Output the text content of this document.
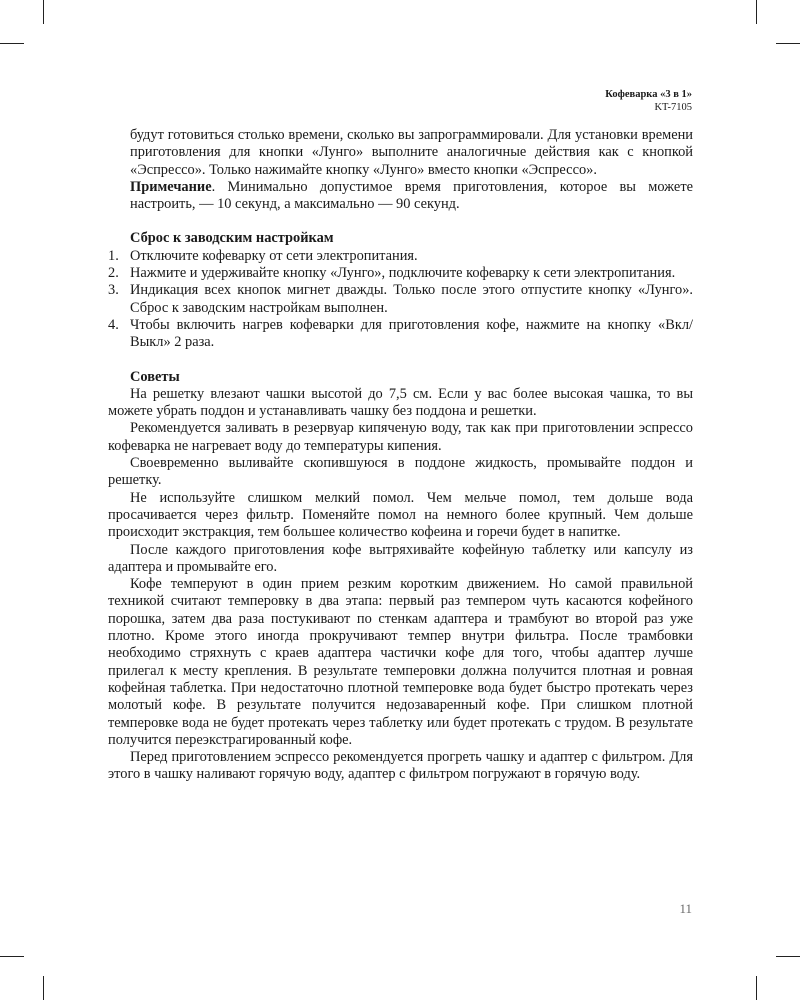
Кофеварка «3 в 1»
KT-7105

будут готовиться столько времени, сколько вы запрограммировали. Для установки времени приготовления для кнопки «Лунго» выполните аналогичные действия как с кнопкой «Эспрессо». Только нажимайте кнопку «Лунго» вместо кнопки «Эспрессо».

Примечание. Минимально допустимое время приготовления, которое вы можете настроить, — 10 секунд, а максимально — 90 секунд.

Сброс к заводским настройкам
1. Отключите кофеварку от сети электропитания.
2. Нажмите и удерживайте кнопку «Лунго», подключите кофеварку к сети электропитания.
3. Индикация всех кнопок мигнет дважды. Только после этого отпустите кнопку «Лунго». Сброс к заводским настройкам выполнен.
4. Чтобы включить нагрев кофеварки для приготовления кофе, нажмите на кнопку «Вкл/Выкл» 2 раза.
Советы

На решетку влезают чашки высотой до 7,5 см. Если у вас более высокая чашка, то вы можете убрать поддон и устанавливать чашку без поддона и решетки.

Рекомендуется заливать в резервуар кипяченую воду, так как при приготовлении эспрессо кофеварка не нагревает воду до температуры кипения.

Своевременно выливайте скопившуюся в поддоне жидкость, промывайте поддон и решетку.

Не используйте слишком мелкий помол. Чем мельче помол, тем дольше вода просачивается через фильтр. Поменяйте помол на немного более крупный. Чем дольше происходит экстракция, тем большее количество кофеина и горечи будет в напитке.

После каждого приготовления кофе вытряхивайте кофейную таблетку или капсулу из адаптера и промывайте его.

Кофе темперуют в один прием резким коротким движением. Но самой правильной техникой считают темперовку в два этапа: первый раз темпером чуть касаются кофейного порошка, затем два раза постукивают по стенкам адаптера и трамбуют во второй раз уже плотно. Кроме этого иногда прокручивают темпер внутри фильтра. После трамбовки необходимо стряхнуть с краев адаптера частички кофе для того, чтобы адаптер лучше прилегал к месту крепления. В результате темперовки должна получится плотная и ровная кофейная таблетка. При недостаточно плотной темперовке вода будет быстро протекать через молотый кофе. В результате получится недозаваренный кофе. При слишком плотной темперовке вода не будет протекать через таблетку или будет протекать с трудом. В результате получится переэкстрагированный кофе.

Перед приготовлением эспрессо рекомендуется прогреть чашку и адаптер с фильтром. Для этого в чашку наливают горячую воду, адаптер с фильтром погружают в горячую воду.

11
